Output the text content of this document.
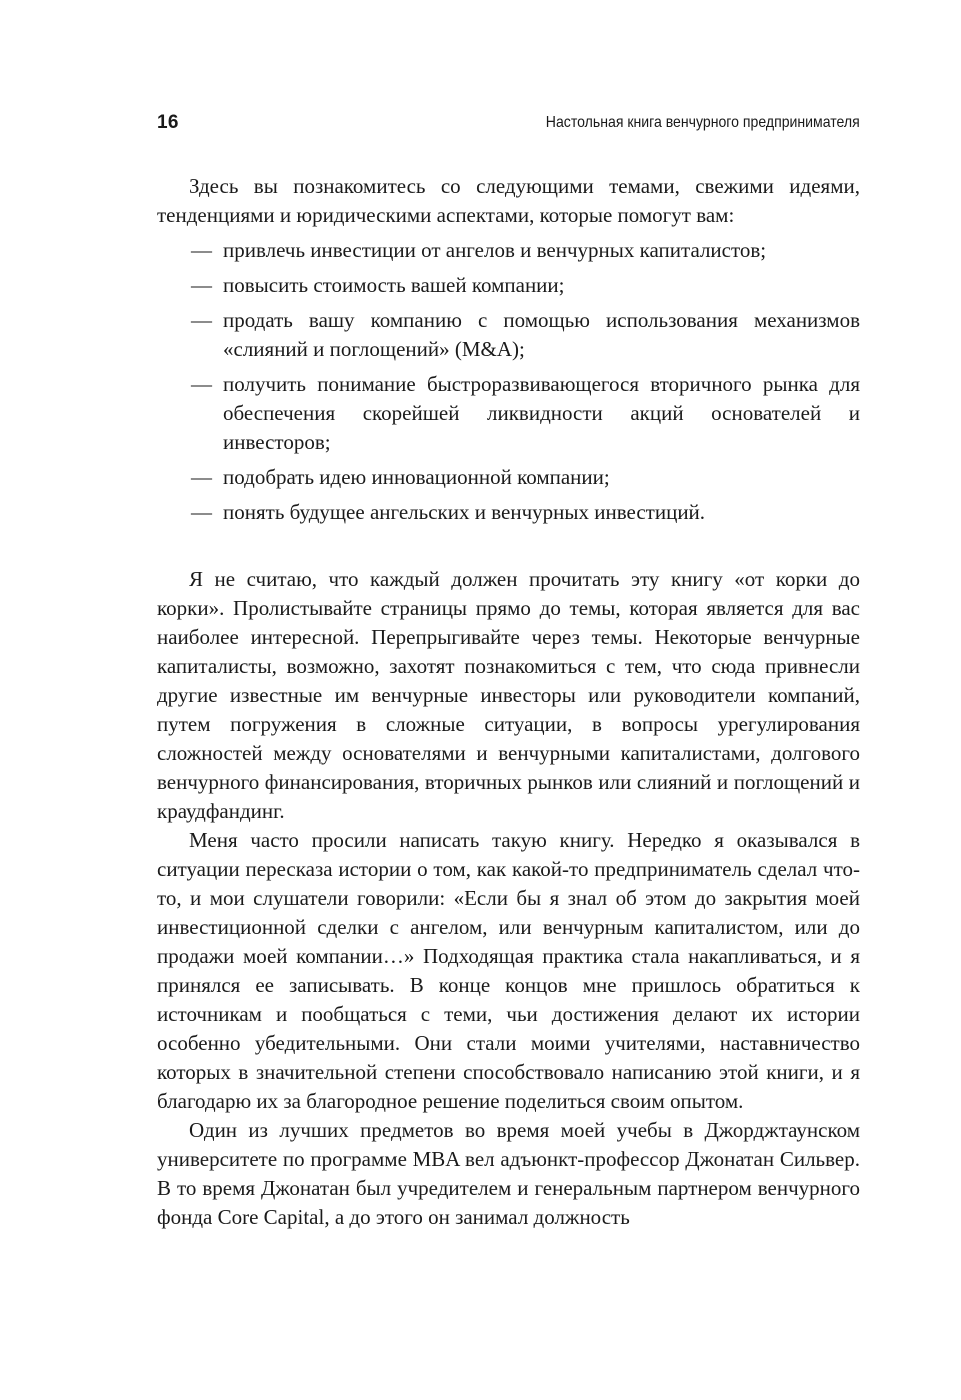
16	Настольная книга венчурного предпринимателя

Здесь вы познакомитесь со следующими темами, свежими идеями, тенденциями и юридическими аспектами, которые помогут вам:

— привлечь инвестиции от ангелов и венчурных капиталистов;
— повысить стоимость вашей компании;
— продать вашу компанию с помощью использования механизмов «слияний и поглощений» (M&A);
— получить понимание быстроразвивающегося вторичного рынка для обеспечения скорейшей ликвидности акций основателей и инвесторов;
— подобрать идею инновационной компании;
— понять будущее ангельских и венчурных инвестиций.

Я не считаю, что каждый должен прочитать эту книгу «от корки до корки». Пролистывайте страницы прямо до темы, которая является для вас наиболее интересной. Перепрыгивайте через темы. Некоторые венчурные капиталисты, возможно, захотят познакомиться с тем, что сюда привнесли другие известные им венчурные инвесторы или руководители компаний, путем погружения в сложные ситуации, в вопросы урегулирования сложностей между основателями и венчурными капиталистами, долгового венчурного финансирования, вторичных рынков или слияний и поглощений и краудфандинг.

Меня часто просили написать такую книгу. Нередко я оказывался в ситуации пересказа истории о том, как какой-то предприниматель сделал что-то, и мои слушатели говорили: «Если бы я знал об этом до закрытия моей инвестиционной сделки с ангелом, или венчурным капиталистом, или до продажи моей компании…» Подходящая практика стала накапливаться, и я принялся ее записывать. В конце концов мне пришлось обратиться к источникам и пообщаться с теми, чьи достижения делают их истории особенно убедительными. Они стали моими учителями, наставничество которых в значительной степени способствовало написанию этой книги, и я благодарю их за благородное решение поделиться своим опытом.

Один из лучших предметов во время моей учебы в Джорджтаунском университете по программе MBA вел адъюнкт-профессор Джонатан Сильвер. В то время Джонатан был учредителем и генеральным партнером венчурного фонда Core Capital, а до этого он занимал должность
